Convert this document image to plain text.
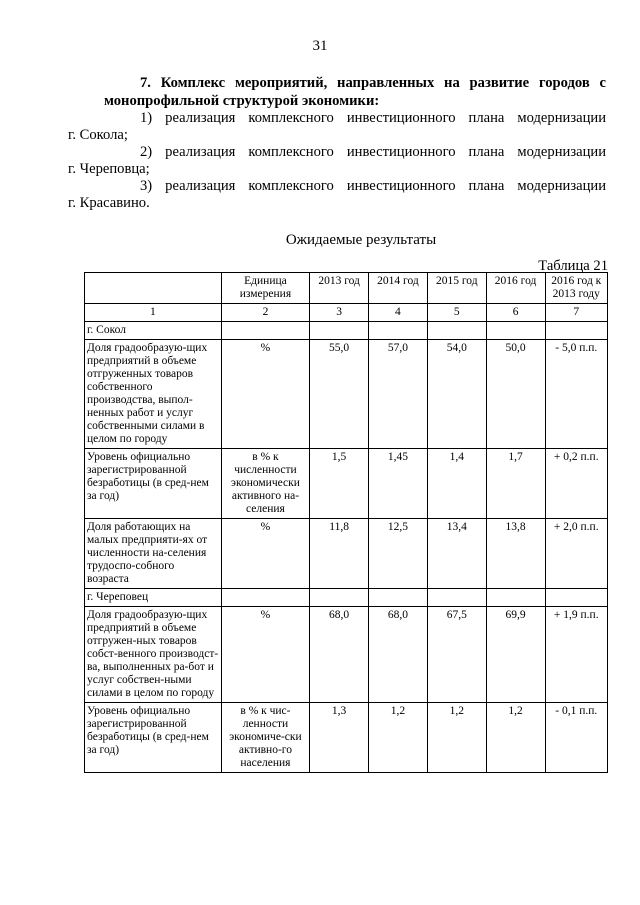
31
7. Комплекс мероприятий, направленных на развитие городов с монопрофильной структурой экономики:

1) реализация комплексного инвестиционного плана модернизации
г. Сокола;

2) реализация комплексного инвестиционного плана модернизации
г. Череповца;

3) реализация комплексного инвестиционного плана модернизации
г. Красавино.

Ожидаемые результаты
Таблица 21
	Единица измерения	2013 год	2014 год	2015 год	2016 год	2016 год к 2013 году
1	2	3	4	5	6	7
г. Сокол						
Доля градообразую-щих предприятий в объеме отгруженных товаров собственного производства, выпол-ненных работ и услуг собственными силами в целом по городу	%	55,0	57,0	54,0	50,0	- 5,0 п.п.
Уровень официально зарегистрированной безработицы (в сред-нем за год)	в % к численности экономически активного на-селения	1,5	1,45	1,4	1,7	+ 0,2 п.п.
Доля работающих на малых предприяти-ях от численности на-селения трудоспо-собного возраста	%	11,8	12,5	13,4	13,8	+ 2,0 п.п.
г. Череповец						
Доля градообразую-щих предприятий в объеме отгружен-ных товаров собст-венного производст-ва, выполненных ра-бот и услуг собствен-ными силами в целом по городу	%	68,0	68,0	67,5	69,9	+ 1,9 п.п.
Уровень официально зарегистрированной безработицы (в сред-нем за год)	в % к чис-ленности экономиче-ски активно-го населения	1,3	1,2	1,2	1,2	- 0,1 п.п.
